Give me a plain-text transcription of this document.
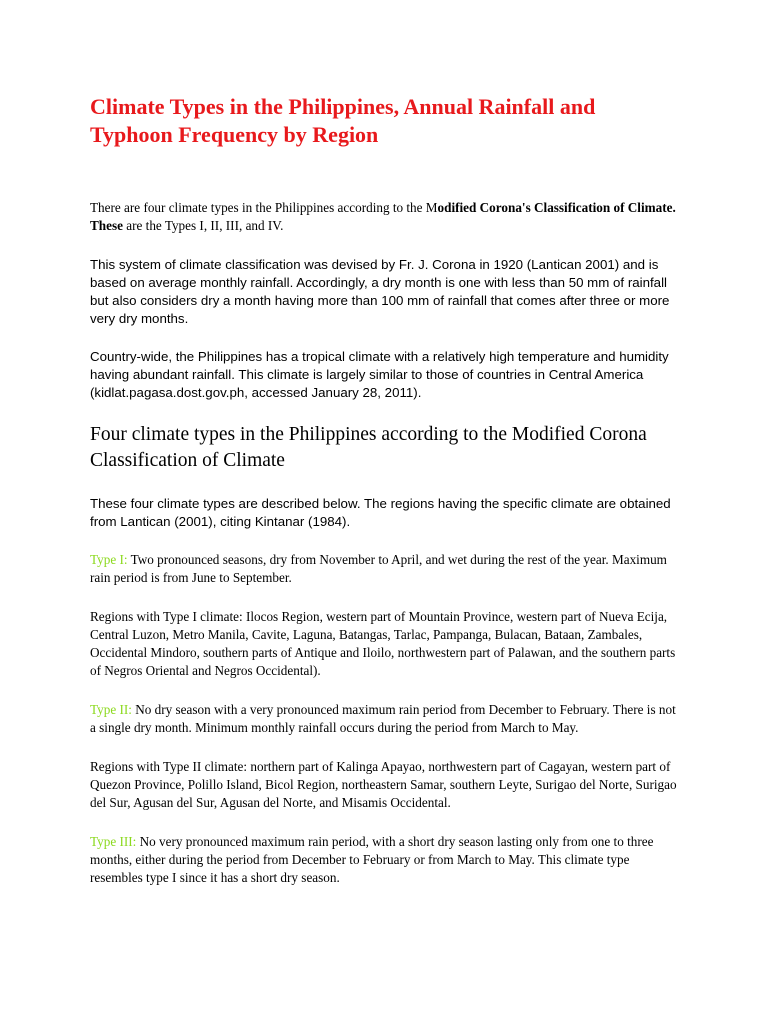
Climate Types in the Philippines, Annual Rainfall and Typhoon Frequency by Region

There are four climate types in the Philippines according to the Modified Corona's Classification of Climate. These are the Types I, II, III, and IV.

This system of climate classification was devised by Fr. J. Corona in 1920 (Lantican 2001) and is based on average monthly rainfall. Accordingly, a dry month is one with less than 50 mm of rainfall but also considers dry a month having more than 100 mm of rainfall that comes after three or more very dry months.

Country-wide, the Philippines has a tropical climate with a relatively high temperature and humidity having abundant rainfall. This climate is largely similar to those of countries in Central America (kidlat.pagasa.dost.gov.ph, accessed January 28, 2011).

Four climate types in the Philippines according to the Modified Corona Classification of Climate

These four climate types are described below. The regions having the specific climate are obtained from Lantican (2001), citing Kintanar (1984).

Type I: Two pronounced seasons, dry from November to April, and wet during the rest of the year. Maximum rain period is from June to September.

Regions with Type I climate: Ilocos Region, western part of Mountain Province, western part of Nueva Ecija, Central Luzon, Metro Manila, Cavite, Laguna, Batangas, Tarlac, Pampanga, Bulacan, Bataan, Zambales, Occidental Mindoro, southern parts of Antique and Iloilo, northwestern part of Palawan, and the southern parts of Negros Oriental and Negros Occidental).

Type II: No dry season with a very pronounced maximum rain period from December to February. There is not a single dry month. Minimum monthly rainfall occurs during the period from March to May.

Regions with Type II climate: northern part of Kalinga Apayao, northwestern part of Cagayan, western part of Quezon Province, Polillo Island, Bicol Region, northeastern Samar, southern Leyte, Surigao del Norte, Surigao del Sur, Agusan del Sur, Agusan del Norte, and Misamis Occidental.

Type III: No very pronounced maximum rain period, with a short dry season lasting only from one to three months, either during the period from December to February or from March to May. This climate type resembles type I since it has a short dry season.
